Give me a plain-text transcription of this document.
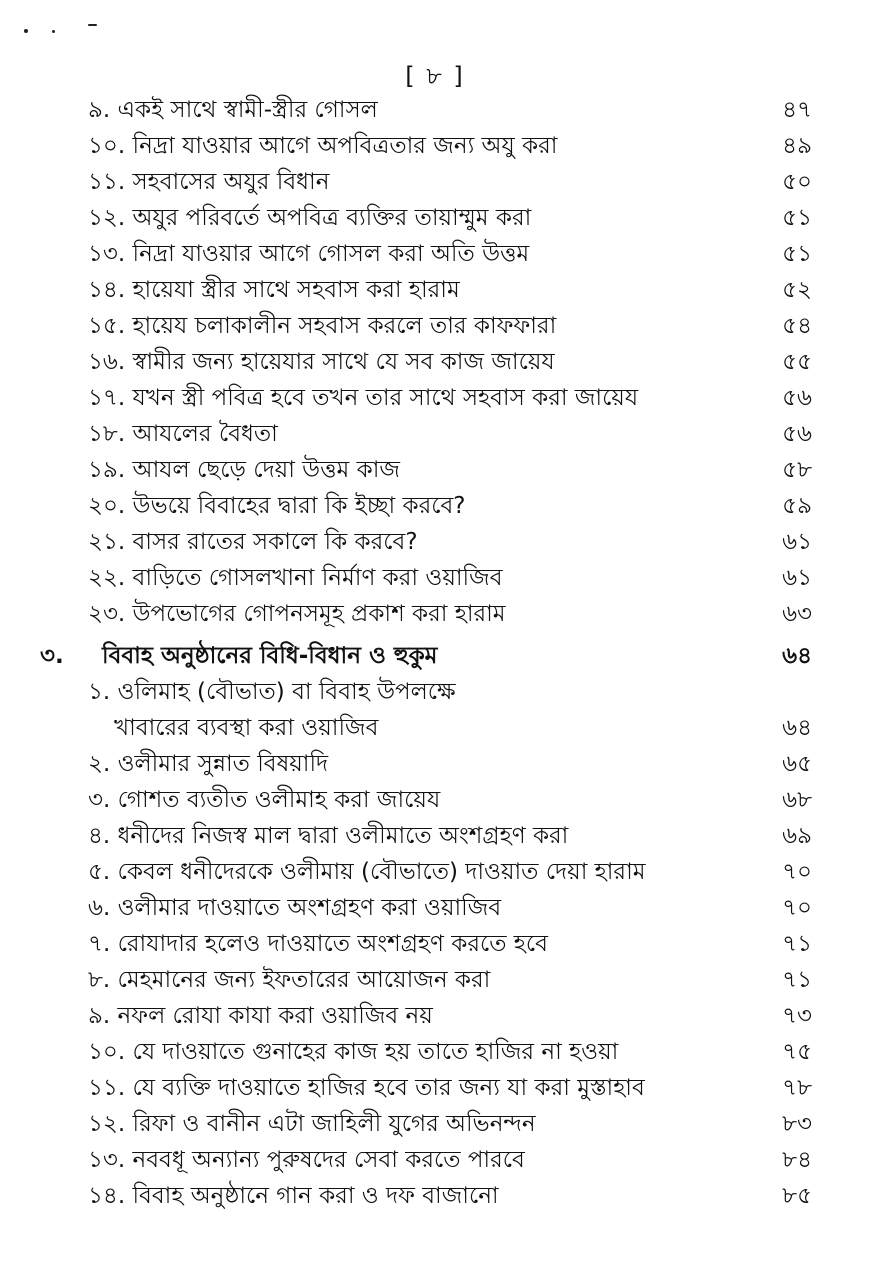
[ ৮ ]
৯. একই সাথে স্বামী-স্ত্রীর গোসল	৪৭
১০. নিদ্রা যাওয়ার আগে অপবিত্রতার জন্য অযু করা	৪৯
১১. সহবাসের অযুর বিধান	৫০
১২. অযুর পরিবর্তে অপবিত্র ব্যক্তির তায়াম্মুম করা	৫১
১৩. নিদ্রা যাওয়ার আগে গোসল করা অতি উত্তম	৫১
১৪. হায়েযা স্ত্রীর সাথে সহবাস করা হারাম	৫২
১৫. হায়েয চলাকালীন সহবাস করলে তার কাফফারা	৫৪
১৬. স্বামীর জন্য হায়েযার সাথে যে সব কাজ জায়েয	৫৫
১৭. যখন স্ত্রী পবিত্র হবে তখন তার সাথে সহবাস করা জায়েয	৫৬
১৮. আযলের বৈধতা	৫৬
১৯. আযল ছেড়ে দেয়া উত্তম কাজ	৫৮
২০. উভয়ে বিবাহের দ্বারা কি ইচ্ছা করবে?	৫৯
২১. বাসর রাতের সকালে কি করবে?	৬১
২২. বাড়িতে গোসলখানা নির্মাণ করা ওয়াজিব	৬১
২৩. উপভোগের গোপনসমূহ প্রকাশ করা হারাম	৬৩
৩. বিবাহ অনুষ্ঠানের বিধি-বিধান ও হুকুম	৬৪
১. ওলিমাহ (বৌভাত) বা বিবাহ উপলক্ষে
খাবারের ব্যবস্থা করা ওয়াজিব	৬৪
২. ওলীমার সুন্নাত বিষয়াদি	৬৫
৩. গোশত ব্যতীত ওলীমাহ করা জায়েয	৬৮
৪. ধনীদের নিজস্ব মাল দ্বারা ওলীমাতে অংশগ্রহণ করা	৬৯
৫. কেবল ধনীদেরকে ওলীমায় (বৌভাতে) দাওয়াত দেয়া হারাম	৭০
৬. ওলীমার দাওয়াতে অংশগ্রহণ করা ওয়াজিব	৭০
৭. রোযাদার হলেও দাওয়াতে অংশগ্রহণ করতে হবে	৭১
৮. মেহমানের জন্য ইফতারের আয়োজন করা	৭১
৯. নফল রোযা কাযা করা ওয়াজিব নয়	৭৩
১০. যে দাওয়াতে গুনাহের কাজ হয় তাতে হাজির না হওয়া	৭৫
১১. যে ব্যক্তি দাওয়াতে হাজির হবে তার জন্য যা করা মুস্তাহাব	৭৮
১২. রিফা ও বানীন এটা জাহিলী যুগের অভিনন্দন	৮৩
১৩. নববধূ অন্যান্য পুরুষদের সেবা করতে পারবে	৮৪
১৪. বিবাহ অনুষ্ঠানে গান করা ও দফ বাজানো	৮৫
